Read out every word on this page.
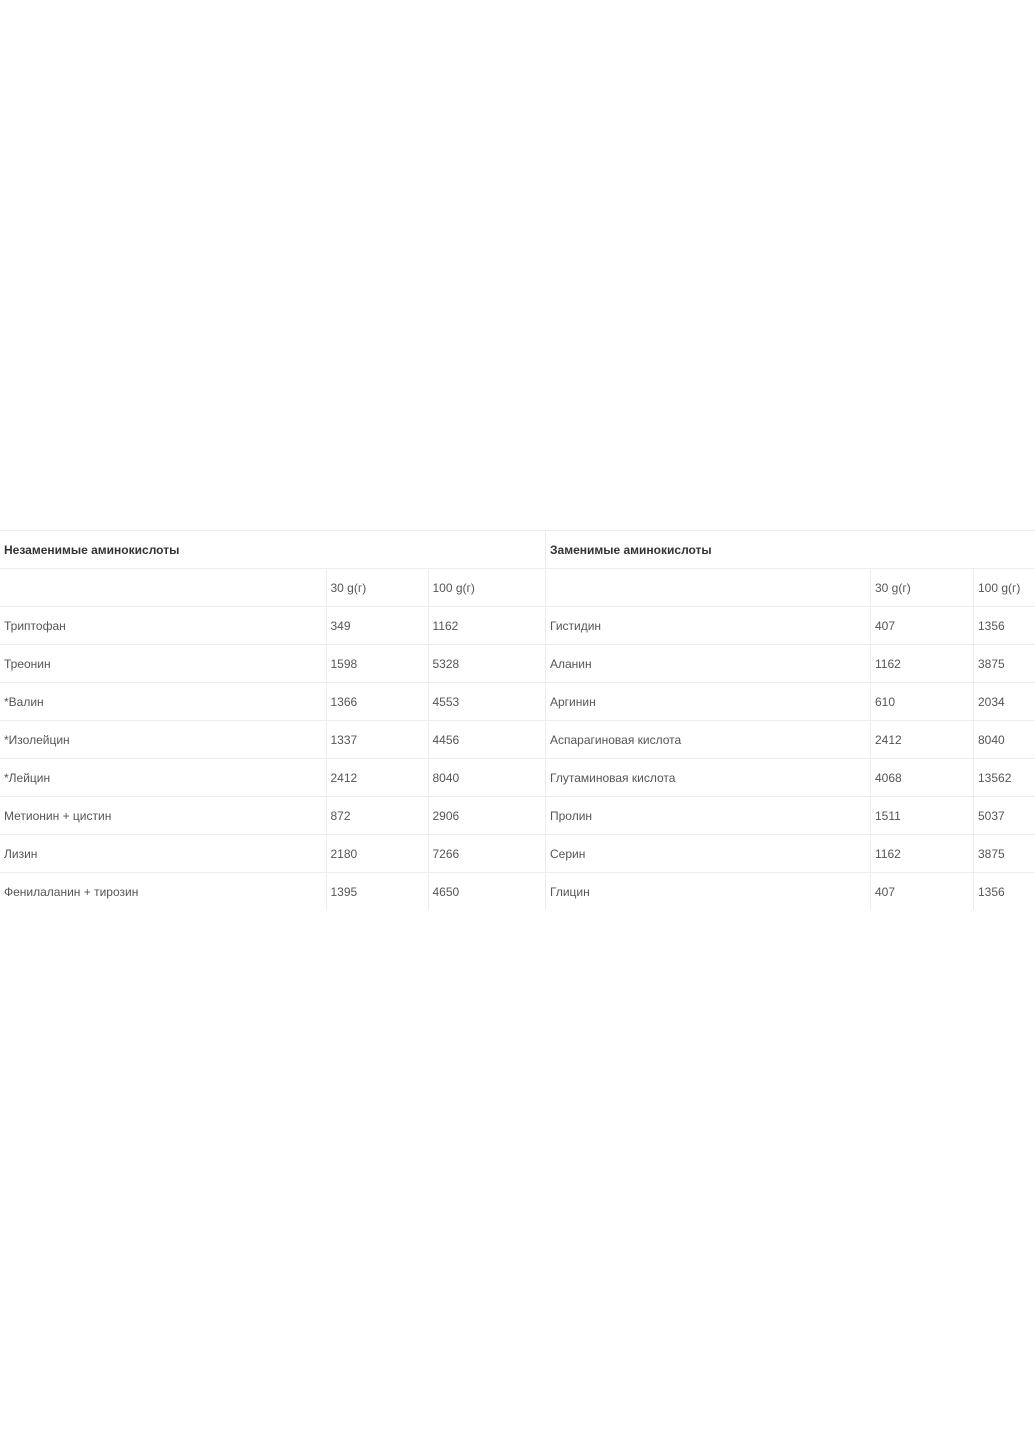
Незаменимые аминокислоты		
	30 g(г)	100 g(г)
Триптофан	349	1162
Треонин	1598	5328
*Валин	1366	4553
*Изолейцин	1337	4456
*Лейцин	2412	8040
Метионин + цистин	872	2906
Лизин	2180	7266
Фенилаланин + тирозин	1395	4650
Заменимые аминокислоты		
	30 g(г)	100 g(г)
Гистидин	407	1356
Аланин	1162	3875
Аргинин	610	2034
Аспарагиновая кислота	2412	8040
Глутаминовая кислота	4068	13562
Пролин	1511	5037
Серин	1162	3875
Глицин	407	1356
